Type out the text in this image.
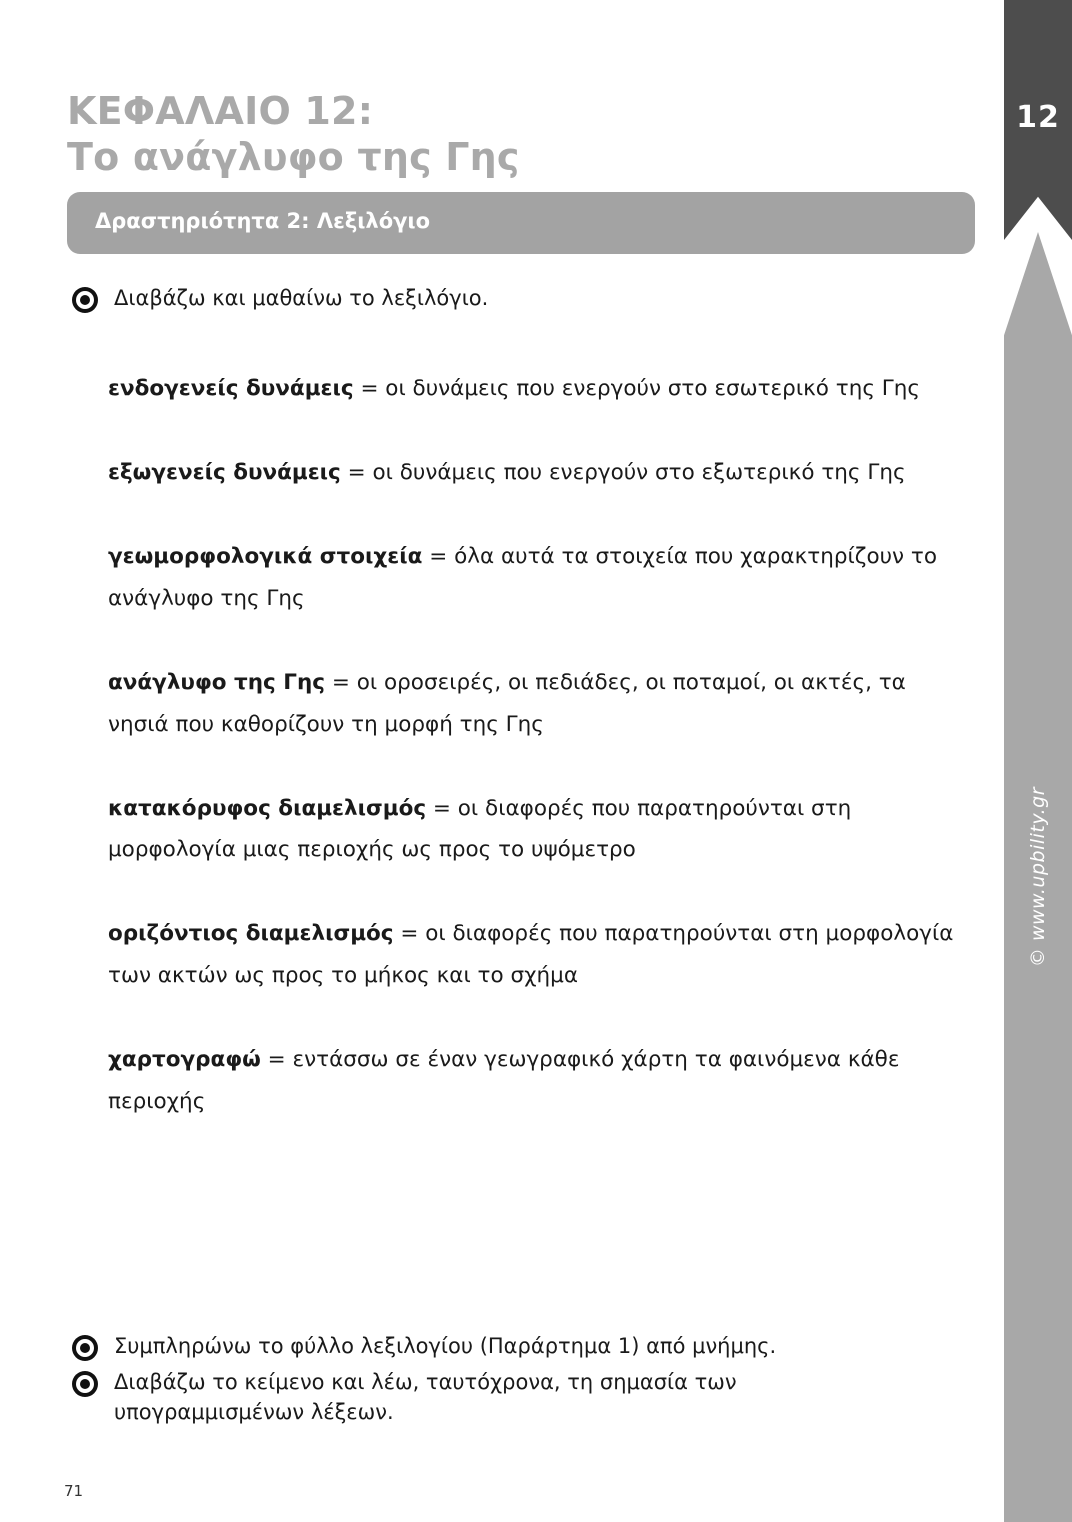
12
© www.upbility.gr
ΚΕΦΑΛΑΙΟ 12:
Το ανάγλυφο της Γης
Δραστηριότητα 2: Λεξιλόγιο
Διαβάζω και μαθαίνω το λεξιλόγιο.
ενδογενείς δυνάμεις = οι δυνάμεις που ενεργούν στο εσωτερικό της Γης
εξωγενείς δυνάμεις = οι δυνάμεις που ενεργούν στο εξωτερικό της Γης
γεωμορφολογικά στοιχεία = όλα αυτά τα στοιχεία που χαρακτηρίζουν το ανάγλυφο της Γης
ανάγλυφο της Γης = οι οροσειρές, οι πεδιάδες, οι ποταμοί, οι ακτές, τα νησιά που καθορίζουν τη μορφή της Γης
κατακόρυφος διαμελισμός = οι διαφορές που παρατηρούνται στη μορφολογία μιας περιοχής ως προς το υψόμετρο
οριζόντιος διαμελισμός = οι διαφορές που παρατηρούνται στη μορφολογία των ακτών ως προς το μήκος και το σχήμα
χαρτογραφώ = εντάσσω σε έναν γεωγραφικό χάρτη τα φαινόμενα κάθε περιοχής
Συμπληρώνω το φύλλο λεξιλογίου (Παράρτημα 1) από μνήμης.
Διαβάζω το κείμενο και λέω, ταυτόχρονα, τη σημασία των υπογραμμισμένων λέξεων.
71
